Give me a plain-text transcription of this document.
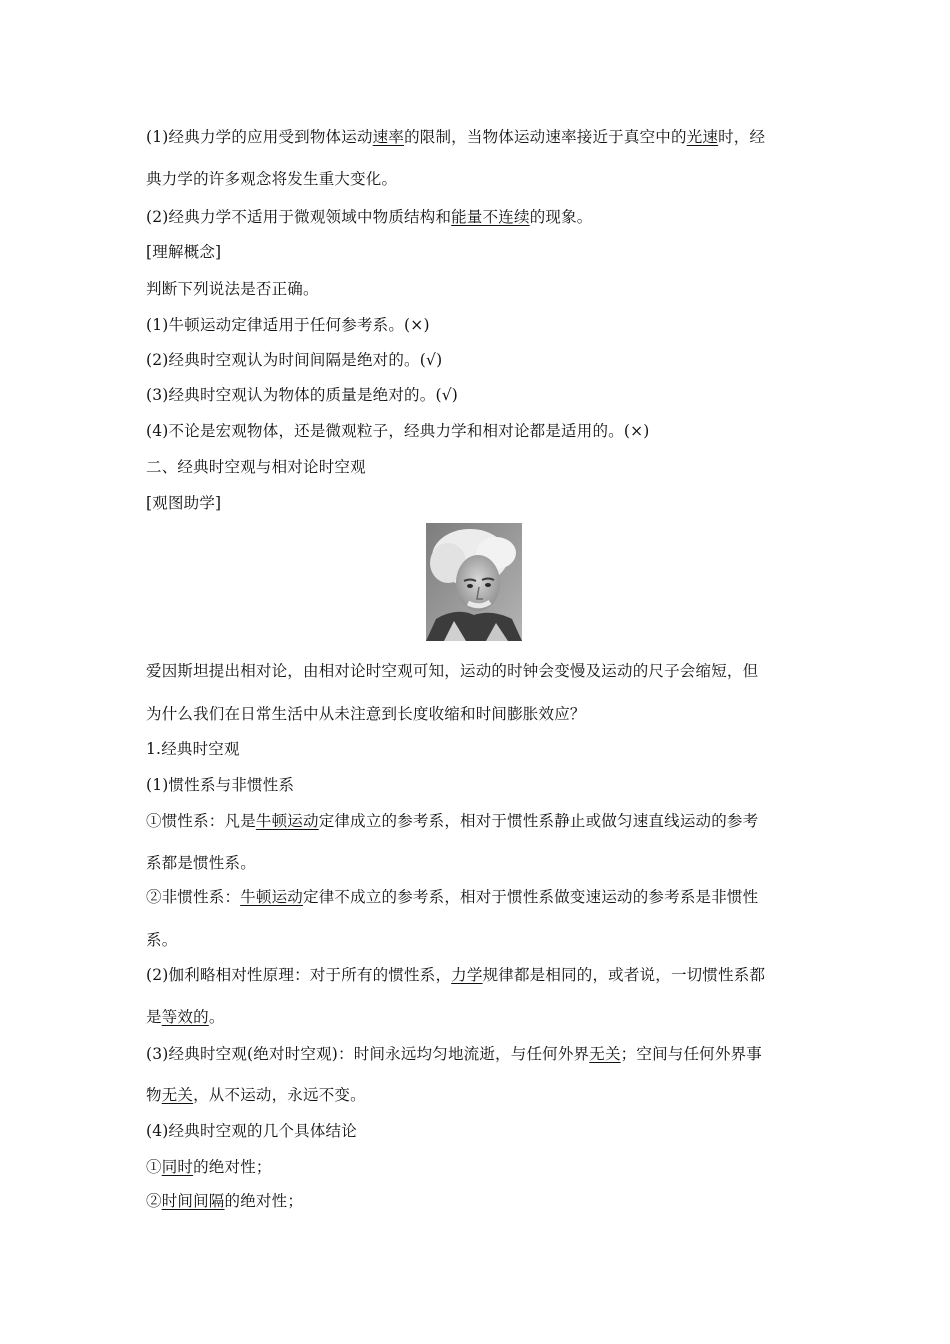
(1)经典力学的应用受到物体运动速率的限制，当物体运动速率接近于真空中的光速时，经
典力学的许多观念将发生重大变化。
(2)经典力学不适用于微观领域中物质结构和能量不连续的现象。
[理解概念]
判断下列说法是否正确。
(1)牛顿运动定律适用于任何参考系。(×)
(2)经典时空观认为时间间隔是绝对的。(√)
(3)经典时空观认为物体的质量是绝对的。(√)
(4)不论是宏观物体，还是微观粒子，经典力学和相对论都是适用的。(×)
二、经典时空观与相对论时空观
[观图助学]
爱因斯坦提出相对论，由相对论时空观可知，运动的时钟会变慢及运动的尺子会缩短，但
为什么我们在日常生活中从未注意到长度收缩和时间膨胀效应？
1.经典时空观
(1)惯性系与非惯性系
①惯性系：凡是牛顿运动定律成立的参考系，相对于惯性系静止或做匀速直线运动的参考
系都是惯性系。
②非惯性系：牛顿运动定律不成立的参考系，相对于惯性系做变速运动的参考系是非惯性
系。
(2)伽利略相对性原理：对于所有的惯性系，力学规律都是相同的，或者说，一切惯性系都
是等效的。
(3)经典时空观(绝对时空观)：时间永远均匀地流逝，与任何外界无关；空间与任何外界事
物无关，从不运动，永远不变。
(4)经典时空观的几个具体结论
①同时的绝对性；
②时间间隔的绝对性；
